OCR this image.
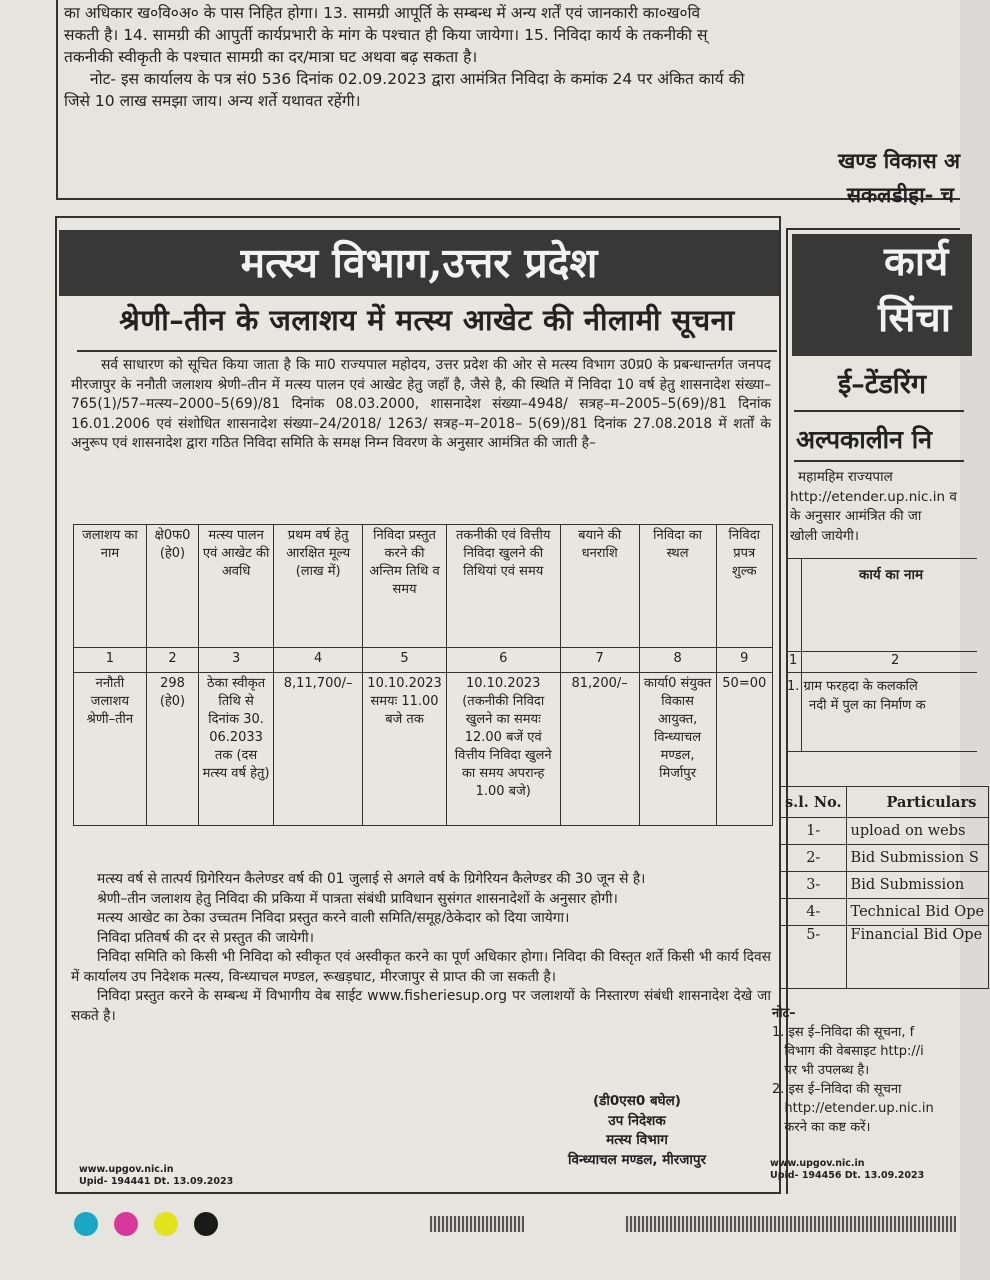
का अधिकार ख०वि०अ० के पास निहित होगा। 13. सामग्री आपूर्ति के सम्बन्ध में अन्य शर्तें एवं जानकारी का०ख०वि
सकती है। 14. सामग्री की आपुर्ती कार्यप्रभारी के मांग के पश्चात ही किया जायेगा। 15. निविदा कार्य के तकनीकी स्
तकनीकी स्वीकृती के पश्चात सामग्री का दर/मात्रा घट अथवा बढ़ सकता है।
नोट- इस कार्यालय के पत्र सं0 536 दिनांक 02.09.2023 द्वारा आमंत्रित निविदा के कमांक 24 पर अंकित कार्य की
जिसे 10 लाख समझा जाय। अन्य शर्ते यथावत रहेंगी।
खण्ड विकास अ
सकलडीहा- च
मत्स्य विभाग,उत्तर प्रदेश
श्रेणी–तीन के जलाशय में मत्स्य आखेट की नीलामी सूचना
सर्व साधारण को सूचित किया जाता है कि मा0 राज्यपाल महोदय, उत्तर प्रदेश की ओर से मत्स्य विभाग उ0प्र0 के प्रबन्धान्तर्गत जनपद मीरजापुर के ननौती जलाशय श्रेणी–तीन में मत्स्य पालन एवं आखेट हेतु जहाँ है, जैसे है, की स्थिति में निविदा 10 वर्ष हेतु शासनादेश संख्या–765(1)/57–मत्स्य–2000–5(69)/81 दिनांक 08.03.2000, शासनादेश संख्या–4948/ सत्रह–म–2005–5(69)/81 दिनांक 16.01.2006 एवं संशोधित शासनादेश संख्या–24/2018/ 1263/ सत्रह–म–2018– 5(69)/81 दिनांक 27.08.2018 में शर्तों के अनुरूप एवं शासनादेश द्वारा गठित निविदा समिति के समक्ष निम्न विवरण के अनुसार आमंत्रित की जाती है–
जलाशय का नाम	क्षे0फ0 (हे0)	मत्स्य पालन एवं आखेट की अवधि	प्रथम वर्ष हेतु आरक्षित मूल्य (लाख में)	निविदा प्रस्तुत करने की अन्तिम तिथि व समय	तकनीकी एवं वित्तीय निविदा खुलने की तिथियां एवं समय	बयाने की धनराशि	निविदा का स्थल	निविदा प्रपत्र शुल्क
1	2	3	4	5	6	7	8	9
ननौती जलाशय श्रेणी–तीन	298 (हे0)	ठेका स्वीकृत तिथि से दिनांक 30. 06.2033 तक (दस मत्स्य वर्ष हेतु)	8,11,700/–	10.10.2023 समयः 11.00 बजे तक	10.10.2023 (तकनीकी निविदा खुलने का समयः 12.00 बजें एवं वित्तीय निविदा खुलने का समय अपरान्ह 1.00 बजे)	81,200/–	कार्या0 संयुक्त विकास आयुक्त, विन्ध्याचल मण्डल, मिर्जापुर	50=00

मत्स्य वर्ष से तात्पर्य ग्रिगेरियन कैलेण्डर वर्ष की 01 जुलाई से अगले वर्ष के ग्रिगेरियन कैलेण्डर की 30 जून से है।

श्रेणी–तीन जलाशय हेतु निविदा की प्रकिया में पात्रता संबंधी प्राविधान सुसंगत शासनादेशों के अनुसार होगी।

मत्स्य आखेट का ठेका उच्चतम निविदा प्रस्तुत करने वाली समिति/समूह/ठेकेदार को दिया जायेगा।

निविदा प्रतिवर्ष की दर से प्रस्तुत की जायेगी।

निविदा समिति को किसी भी निविदा को स्वीकृत एवं अस्वीकृत करने का पूर्ण अधिकार होगा। निविदा की विस्तृत शर्ते किसी भी कार्य दिवस में कार्यालय उप निदेशक मत्स्य, विन्ध्याचल मण्डल, रूखड़घाट, मीरजापुर से प्राप्त की जा सकती है।

निविदा प्रस्तुत करने के सम्बन्ध में विभागीय वेब साईट www.fisheriesup.org पर जलाशयों के निस्तारण संबंधी शासनादेश देखे जा सकते है।

(डी0एस0 बघेल)
उप निदेशक
मत्स्य विभाग
विन्ध्याचल मण्डल, मीरजापुर
www.upgov.nic.in
Upid- 194441 Dt. 13.09.2023
कार्य
सिंचा
ई–टेंडरिंग
अल्पकालीन नि
महामहिम राज्यपाल
http://etender.up.nic.in व
के अनुसार आमंत्रित की जा
खोली जायेगी।
कार्य का नाम
1	2
1. ग्राम फरहदा के कलकलि
नदी में पुल का निर्माण क
s.l. No.	Particulars
1-	upload on webs
2-	Bid Submission S
3-	Bid Submission
4-	Technical Bid Ope
5-	Financial Bid Ope
नोट–
1. इस ई–निविदा की सूचना, f
विभाग की वेबसाइट http://i
पर भी उपलब्ध है।
2. इस ई–निविदा की सूचना
http://etender.up.nic.in
करने का कष्ट करें।
www.upgov.nic.in
Upid- 194456 Dt. 13.09.2023
